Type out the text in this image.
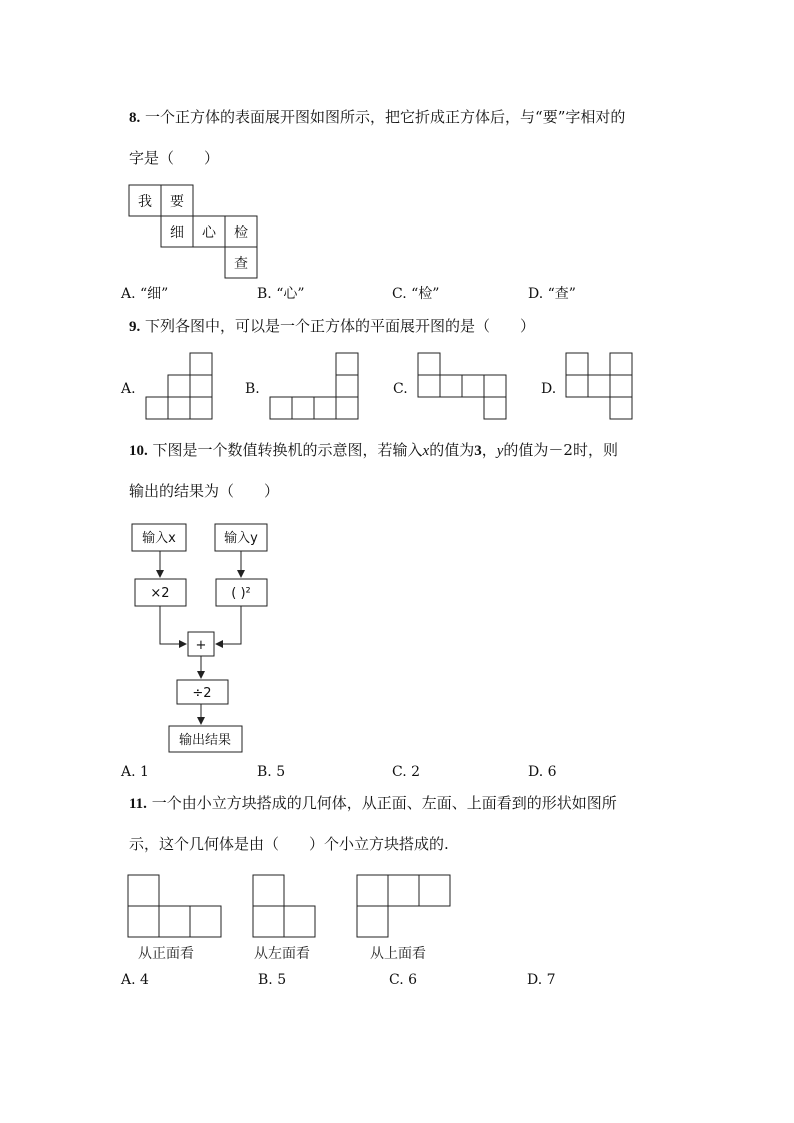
8. 一个正方体的表面展开图如图所示，把它折成正方体后，与“要”字相对的
字是（　　）
我 要
细 心 检
查
输入x	输入y
×2	( )²
+
÷2
输出结果
从正面看	从左面看	从上面看
A. “细”	B. “心”	C. “检”	D. “查”
9. 下列各图中，可以是一个正方体的平面展开图的是（　　）
A.	B.	C.	D.
10. 下图是一个数值转换机的示意图，若输入x的值为3，y的值为－2时，则
输出的结果为（　　）
A. 1	B. 5	C. 2	D. 6
11. 一个由小立方块搭成的几何体，从正面、左面、上面看到的形状如图所
示，这个几何体是由（　　）个小立方块搭成的.
A. 4	B. 5	C. 6	D. 7
